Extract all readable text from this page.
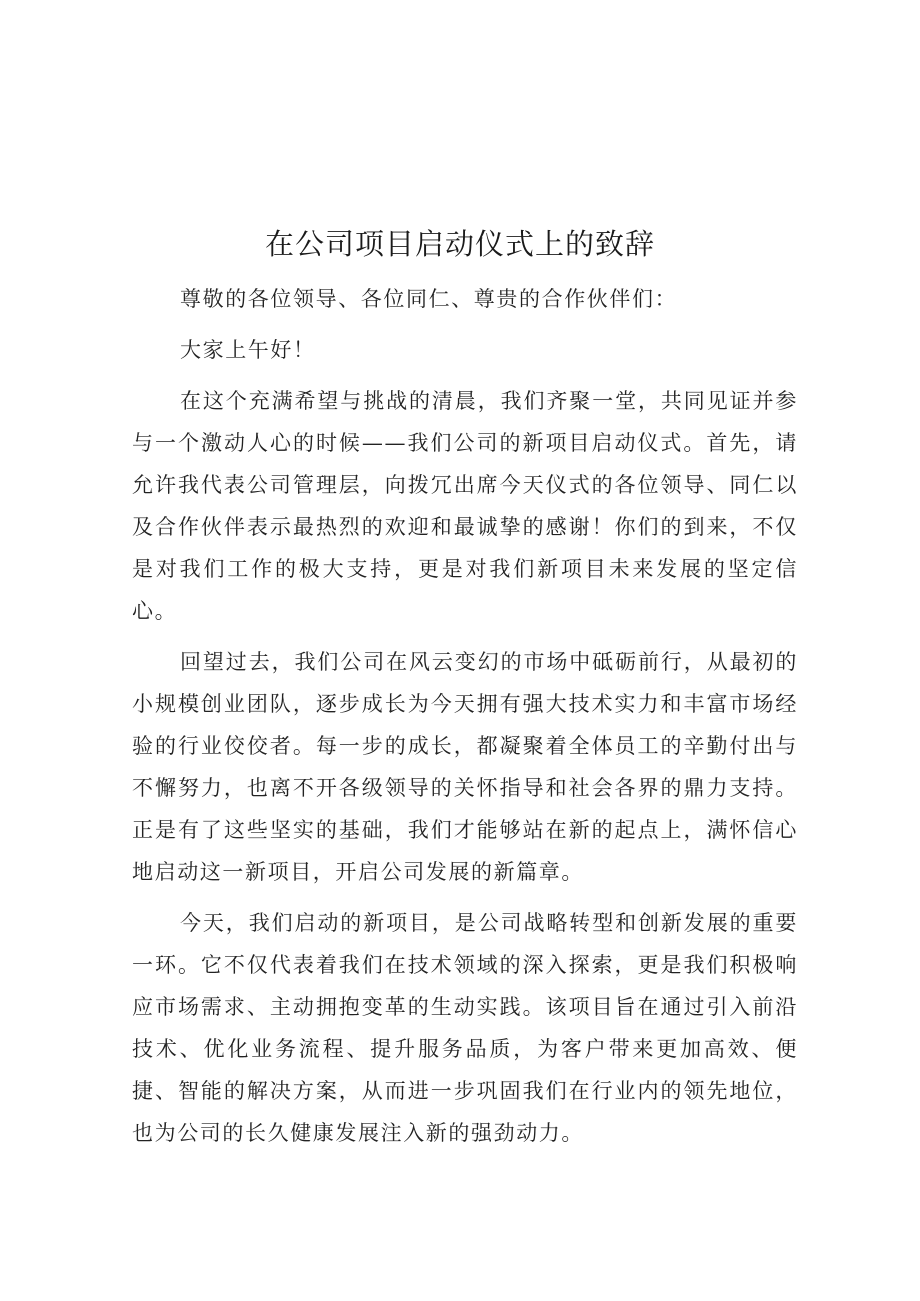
在公司项目启动仪式上的致辞

尊敬的各位领导、各位同仁、尊贵的合作伙伴们：

大家上午好！

在这个充满希望与挑战的清晨，我们齐聚一堂，共同见证并参与一个激动人心的时候——我们公司的新项目启动仪式。首先，请允许我代表公司管理层，向拨冗出席今天仪式的各位领导、同仁以及合作伙伴表示最热烈的欢迎和最诚挚的感谢！你们的到来，不仅是对我们工作的极大支持，更是对我们新项目未来发展的坚定信心。

回望过去，我们公司在风云变幻的市场中砥砺前行，从最初的小规模创业团队，逐步成长为今天拥有强大技术实力和丰富市场经验的行业佼佼者。每一步的成长，都凝聚着全体员工的辛勤付出与不懈努力，也离不开各级领导的关怀指导和社会各界的鼎力支持。正是有了这些坚实的基础，我们才能够站在新的起点上，满怀信心地启动这一新项目，开启公司发展的新篇章。

今天，我们启动的新项目，是公司战略转型和创新发展的重要一环。它不仅代表着我们在技术领域的深入探索，更是我们积极响应市场需求、主动拥抱变革的生动实践。该项目旨在通过引入前沿技术、优化业务流程、提升服务品质，为客户带来更加高效、便捷、智能的解决方案，从而进一步巩固我们在行业内的领先地位，也为公司的长久健康发展注入新的强劲动力。
